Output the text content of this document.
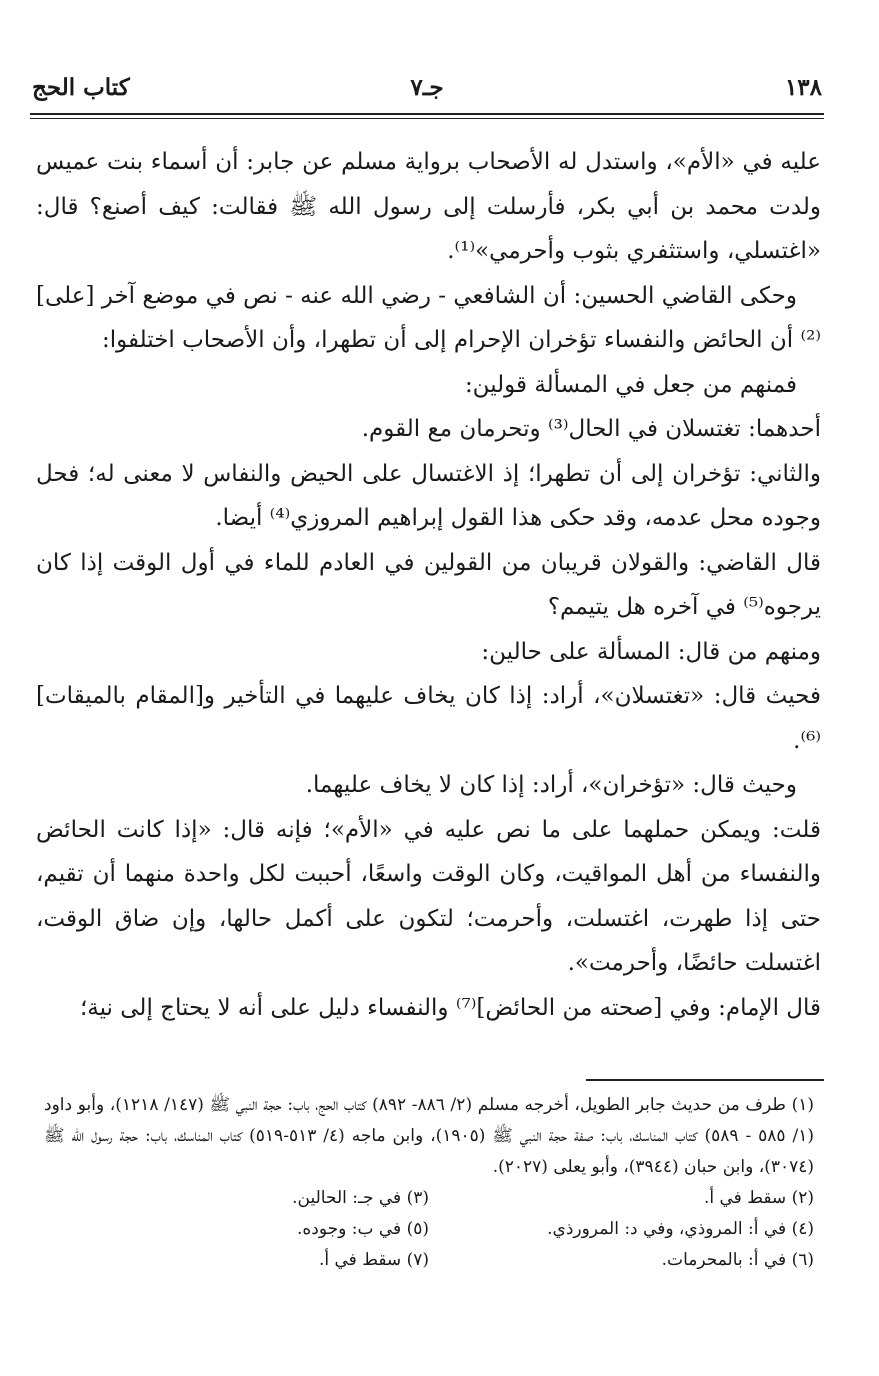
١٣٨
جـ٧
كتاب الحج

عليه في «الأم»، واستدل له الأصحاب برواية مسلم عن جابر: أن أسماء بنت عميس ولدت محمد بن أبي بكر، فأرسلت إلى رسول الله ﷺ فقالت: كيف أصنع؟ قال: «اغتسلي، واستثفري بثوب وأحرمي»⁽¹⁾.

وحكى القاضي الحسين: أن الشافعي - رضي الله عنه - نص في موضع آخر [على]⁽²⁾ أن الحائض والنفساء تؤخران الإحرام إلى أن تطهرا، وأن الأصحاب اختلفوا:

فمنهم من جعل في المسألة قولين:

أحدهما: تغتسلان في الحال⁽³⁾ وتحرمان مع القوم.

والثاني: تؤخران إلى أن تطهرا؛ إذ الاغتسال على الحيض والنفاس لا معنى له؛ فحل وجوده محل عدمه، وقد حكى هذا القول إبراهيم المروزي⁽⁴⁾ أيضا.

قال القاضي: والقولان قريبان من القولين في العادم للماء في أول الوقت إذا كان يرجوه⁽⁵⁾ في آخره هل يتيمم؟

ومنهم من قال: المسألة على حالين:

فحيث قال: «تغتسلان»، أراد: إذا كان يخاف عليهما في التأخير و[المقام بالميقات]⁽⁶⁾.

وحيث قال: «تؤخران»، أراد: إذا كان لا يخاف عليهما.

قلت: ويمكن حملهما على ما نص عليه في «الأم»؛ فإنه قال: «إذا كانت الحائض والنفساء من أهل المواقيت، وكان الوقت واسعًا، أحببت لكل واحدة منهما أن تقيم، حتى إذا طهرت، اغتسلت، وأحرمت؛ لتكون على أكمل حالها، وإن ضاق الوقت، اغتسلت حائضًا، وأحرمت».

قال الإمام: وفي [صحته من الحائض]⁽⁷⁾ والنفساء دليل على أنه لا يحتاج إلى نية؛

(١) طرف من حديث جابر الطويل، أخرجه مسلم (٢/ ٨٨٦- ٨٩٢) كتاب الحج، باب: حجة النبي ﷺ (١٤٧/ ١٢١٨)، وأبو داود (١/ ٥٨٥ - ٥٨٩) كتاب المناسك، باب: صفة حجة النبي ﷺ (١٩٠٥)، وابن ماجه (٤/ ٥١٣-٥١٩) كتاب المناسك، باب: حجة رسول الله ﷺ (٣٠٧٤)، وابن حبان (٣٩٤٤)، وأبو يعلى (٢٠٢٧).

(٢) سقط في أ.
(٣) في جـ: الحالين.
(٤) في أ: المروذي، وفي د: المرورذي.
(٥) في ب: وجوده.
(٦) في أ: بالمحرمات.
(٧) سقط في أ.
